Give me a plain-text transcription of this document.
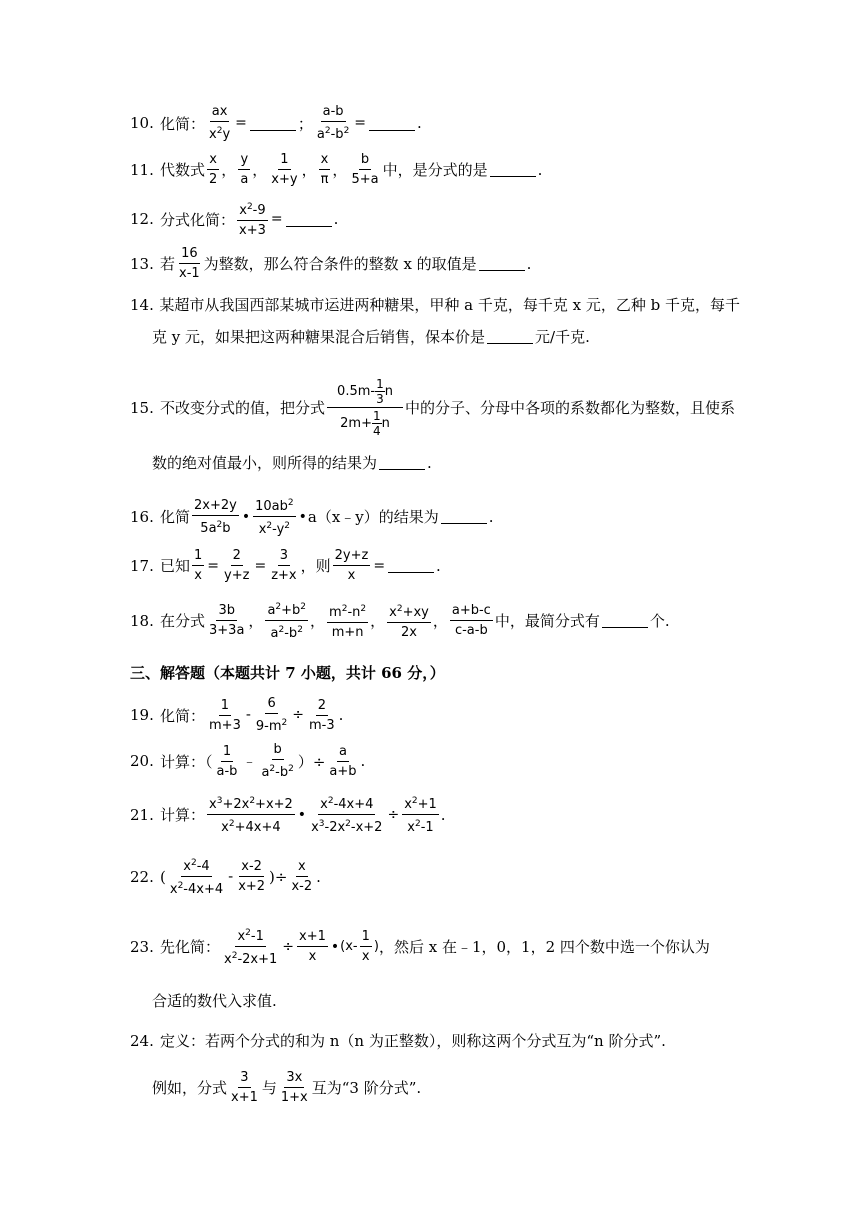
10. 化简： $\frac{ax}{x^2y}$ =	； $\frac{a-b}{a^2-b^2}$ =	.
11. 代数式 $\frac{x}{2}$ ， $\frac{y}{a}$ ， $\frac{1}{x+y}$ ， $\frac{x}{\pi}$ ， $\frac{b}{5+a}$ 中，是分式的是	.
12. 分式化简： $\frac{x^2-9}{x+3}$ =	.
13. 若 $\frac{16}{x-1}$ 为整数，那么符合条件的整数 x 的取值是	.
14. 某超市从我国西部某城市运进两种糖果，甲种 a 千克，每千克 x 元，乙种 b 千克，每千
克 y 元，如果把这两种糖果混合后销售，保本价是	元/千克.
15. 不改变分式的值，把分式 $\frac{0.5m- \frac{1}{3} n}{2m+ \frac{1}{4} n}$ 中的分子、分母中各项的系数都化为整数，且使系
数的绝对值最小，则所得的结果为	.
16. 化简 $\frac{2x+2y}{5a^2b}$ • $\frac{10ab^2}{x^2-y^2}$ • a（x﹣y）的结果为	.
17. 已知 $\frac{1}{x} = \frac{2}{y+z} = \frac{3}{z+x}$ ，则 $\frac{2y+z}{x}$ =	.
18. 在分式 $\frac{3b}{3+3a}$ ， $\frac{a^2+b^2}{a^2-b^2}$ ， $\frac{m^2-n^2}{m+n}$ ， $\frac{x^2+xy}{2x}$ ， $\frac{a+b-c}{c-a-b}$ 中，最简分式有	个.
三、解答题（本题共计 7 小题，共计 66 分，）
19. 化简： $\frac{1}{m+3} - \frac{6}{9-m^2} \div \frac{2}{m-3}$ .
20. 计算：（ $\frac{1}{a-b}$ ﹣ $\frac{b}{a^2-b^2}$ ）÷ $\frac{a}{a+b}$ .
21. 计算： $\frac{x^3+2x^2+x+2}{x^2+4x+4}$ • $\frac{x^2-4x+4}{x^3-2x^2-x+2} \div \frac{x^2+1}{x^2-1}$ .
22. ( $\frac{x^2-4}{x^2-4x+4} - \frac{x-2}{x+2}$ )÷ $\frac{x}{x-2}$ .
23. 先化简： $\frac{x^2-1}{x^2-2x+1} \div \frac{x+1}{x}$ • ($x- \frac{1}{x}$ ) ，然后 x 在﹣1，0，1，2 四个数中选一个你认为
合适的数代入求值.
24. 定义：若两个分式的和为 n（n 为正整数），则称这两个分式互为“n 阶分式”.
例如，分式 $\frac{3}{x+1}$ 与 $\frac{3x}{1+x}$ 互为“3 阶分式”.
